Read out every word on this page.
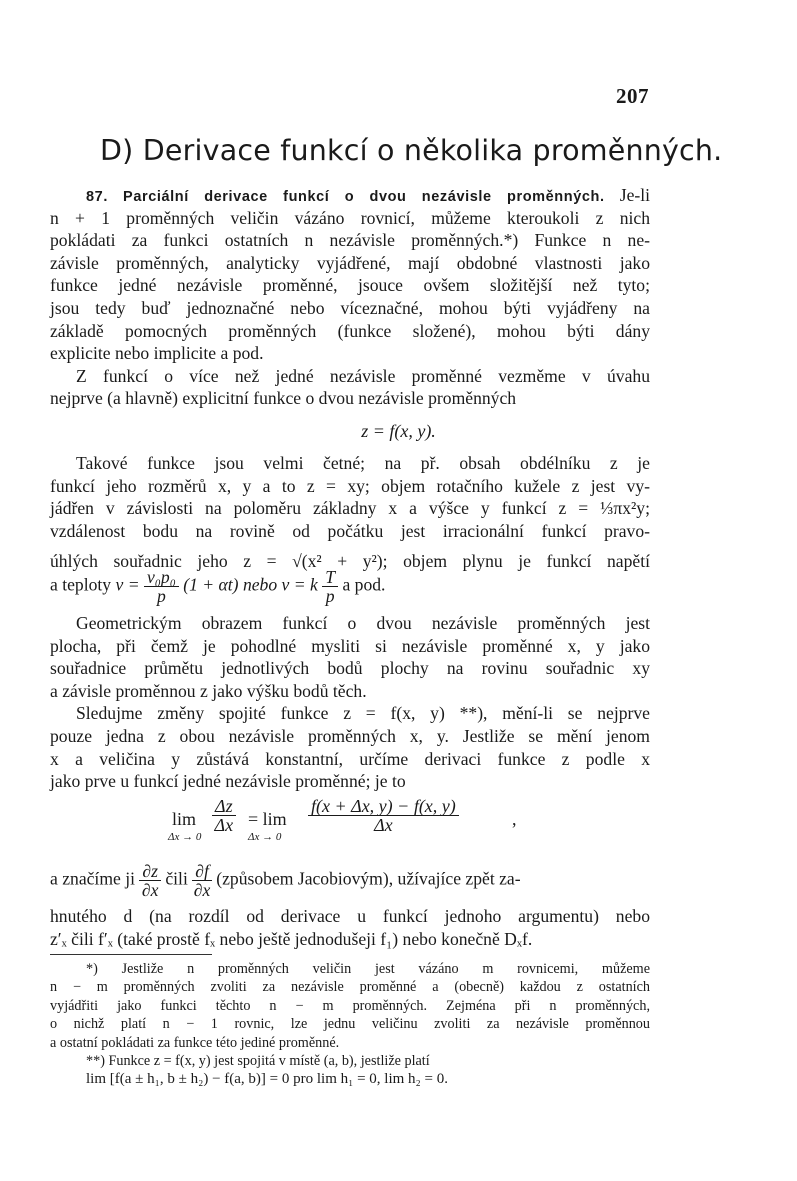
207
D) Derivace funkcí o několika proměnných.
87. Parciální derivace funkcí o dvou nezávisle proměnných. Je-li
n + 1 proměnných veličin vázáno rovnicí, můžeme kteroukoli z nich
pokládati za funkci ostatních n nezávisle proměnných.*) Funkce n ne-
závisle proměnných, analyticky vyjádřené, mají obdobné vlastnosti jako
funkce jedné nezávisle proměnné, jsouce ovšem složitější než tyto;
jsou tedy buď jednoznačné nebo víceznačné, mohou býti vyjádřeny na
základě pomocných proměnných (funkce složené), mohou býti dány
explicite nebo implicite a pod.
Z funkcí o více než jedné nezávisle proměnné vezměme v úvahu
nejprve (a hlavně) explicitní funkce o dvou nezávisle proměnných
z = f(x, y).
Takové funkce jsou velmi četné; na př. obsah obdélníku z je
funkcí jeho rozměrů x, y a to z = xy; objem rotačního kužele z jest vy-
jádřen v závislosti na poloměru základny x a výšce y funkcí z = ⅓πx²y;
vzdálenost bodu na rovině od počátku jest irracionální funkcí pravo-
úhlých souřadnic jeho z = √(x² + y²); objem plynu je funkcí napětí
a teploty $v = \frac{\text{v₀p₀}}{p} (1 + \alpha t)$ nebo v = k $\frac{T}{p}$ a pod.
Geometrickým obrazem funkcí o dvou nezávisle proměnných jest
plocha, při čemž je pohodlné mysliti si nezávisle proměnné x, y jako
souřadnice průmětu jednotlivých bodů plochy na rovinu souřadnic xy
a závisle proměnnou z jako výšku bodů těch.
Sledujme změny spojité funkce z = f(x, y) **), mění-li se nejprve
pouze jedna z obou nezávisle proměnných x, y. Jestliže se mění jenom
x a veličina y zůstává konstantní, určíme derivaci funkce z podle x
jako prve u funkcí jedné nezávisle proměnné; je to
lim
Δx → 0
$\frac{\Delta z}{\Delta x} = \lim$
Δx → 0
$\frac{f(x + \Delta x, y) - f(x, y)}{\Delta x}$	,
a značíme ji $\frac{\partial z}{\partial x}$ čili $\frac{\partial f}{\partial x}$ (způsobem Jacobiovým), užívajíce zpět za-
hnutého d (na rozdíl od derivace u funkcí jednoho argumentu) nebo
z′ₓ čili f′ₓ (také prostě fₓ nebo ještě jednodušeji f₁) nebo konečně Dₓf.
*) Jestliže n proměnných veličin jest vázáno m rovnicemi, můžeme
n − m proměnných zvoliti za nezávisle proměnné a (obecně) každou z ostatních
vyjádřiti jako funkci těchto n − m proměnných. Zejména při n proměnných,
o nichž platí n − 1 rovnic, lze jednu veličinu zvoliti za nezávisle proměnnou
a ostatní pokládati za funkce této jediné proměnné.
**) Funkce z = f(x, y) jest spojitá v místě (a, b), jestliže platí
lim [f(a ± h₁, b ± h₂) − f(a, b)] = 0 pro lim h₁ = 0, lim h₂ = 0.
